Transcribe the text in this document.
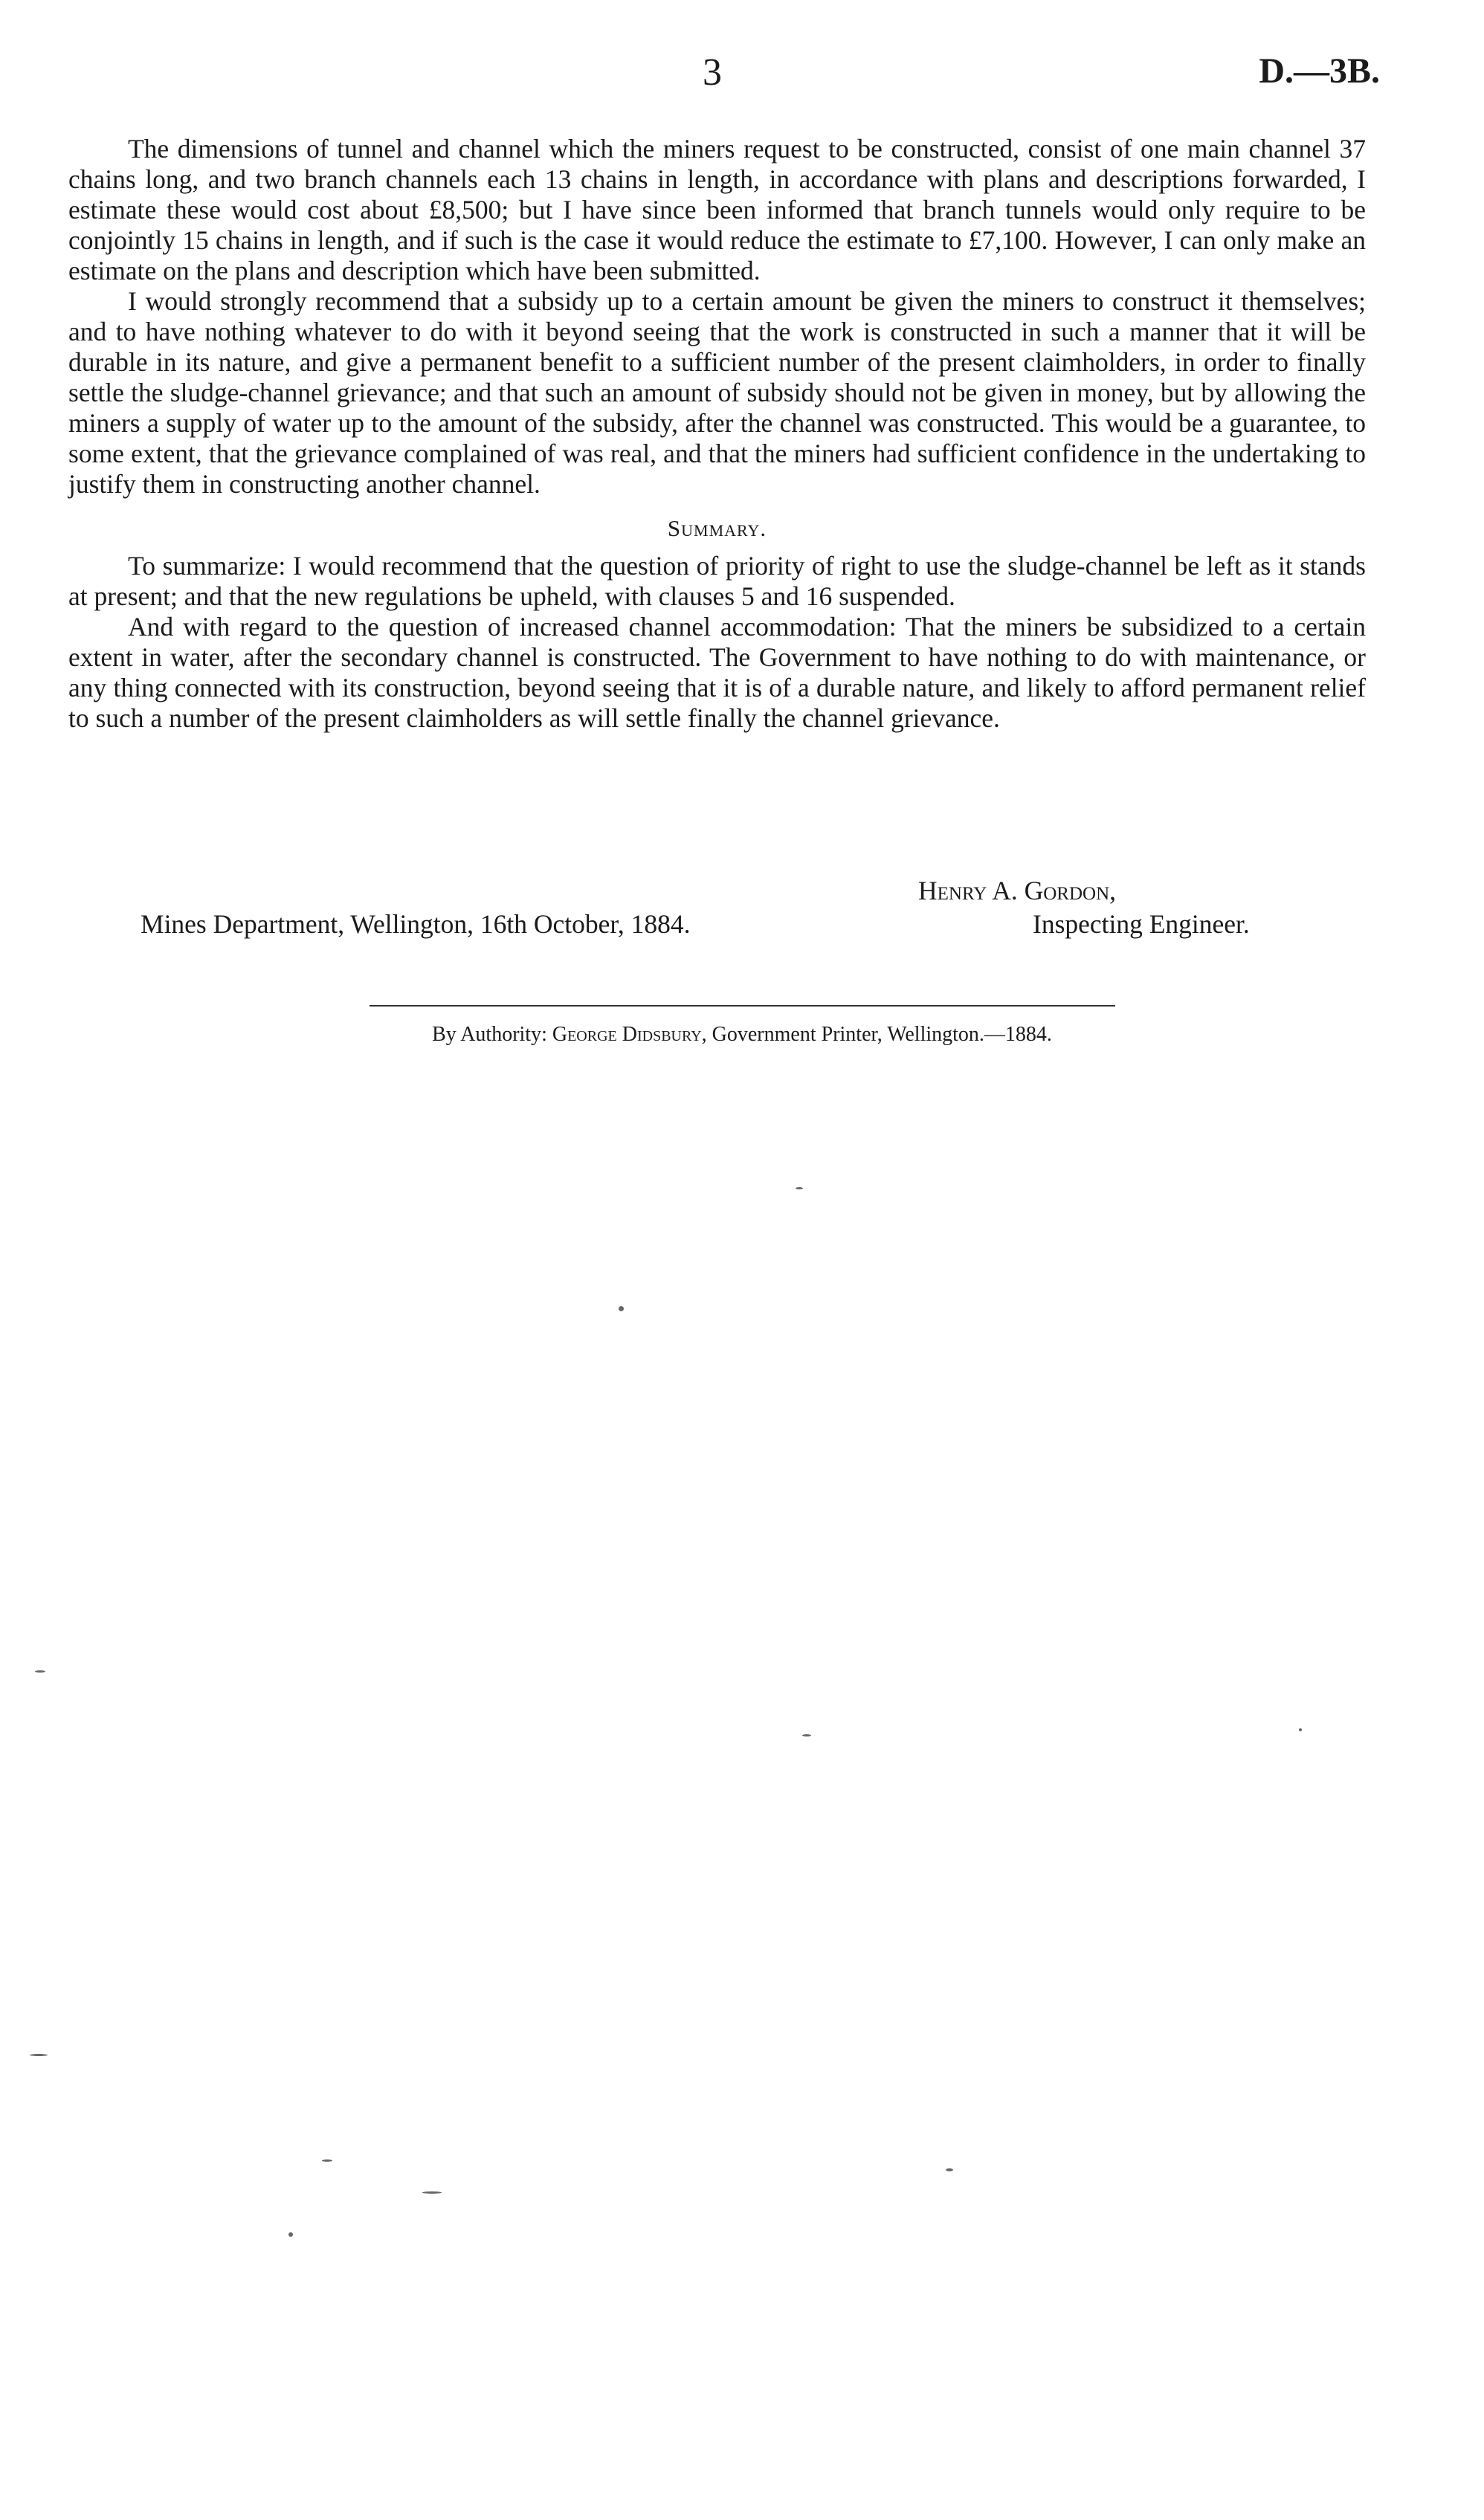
3	D.—3B.

The dimensions of tunnel and channel which the miners request to be constructed, consist of one main channel 37 chains long, and two branch channels each 13 chains in length, in accordance with plans and descriptions forwarded, I estimate these would cost about £8,500; but I have since been informed that branch tunnels would only require to be conjointly 15 chains in length, and if such is the case it would reduce the estimate to £7,100. However, I can only make an estimate on the plans and description which have been submitted.

I would strongly recommend that a subsidy up to a certain amount be given the miners to construct it themselves; and to have nothing whatever to do with it beyond seeing that the work is constructed in such a manner that it will be durable in its nature, and give a permanent benefit to a sufficient number of the present claimholders, in order to finally settle the sludge-channel grievance; and that such an amount of subsidy should not be given in money, but by allowing the miners a supply of water up to the amount of the subsidy, after the channel was constructed. This would be a guarantee, to some extent, that the grievance complained of was real, and that the miners had sufficient confidence in the undertaking to justify them in constructing another channel.

Summary.

To summarize: I would recommend that the question of priority of right to use the sludge-channel be left as it stands at present; and that the new regulations be upheld, with clauses 5 and 16 suspended.

And with regard to the question of increased channel accommodation: That the miners be subsidized to a certain extent in water, after the secondary channel is constructed. The Government to have nothing to do with maintenance, or any thing connected with its construction, beyond seeing that it is of a durable nature, and likely to afford permanent relief to such a number of the present claimholders as will settle finally the channel grievance.

Henry A. Gordon,
Mines Department, Wellington, 16th October, 1884.	Inspecting Engineer.
By Authority: George Didsbury, Government Printer, Wellington.—1884.
